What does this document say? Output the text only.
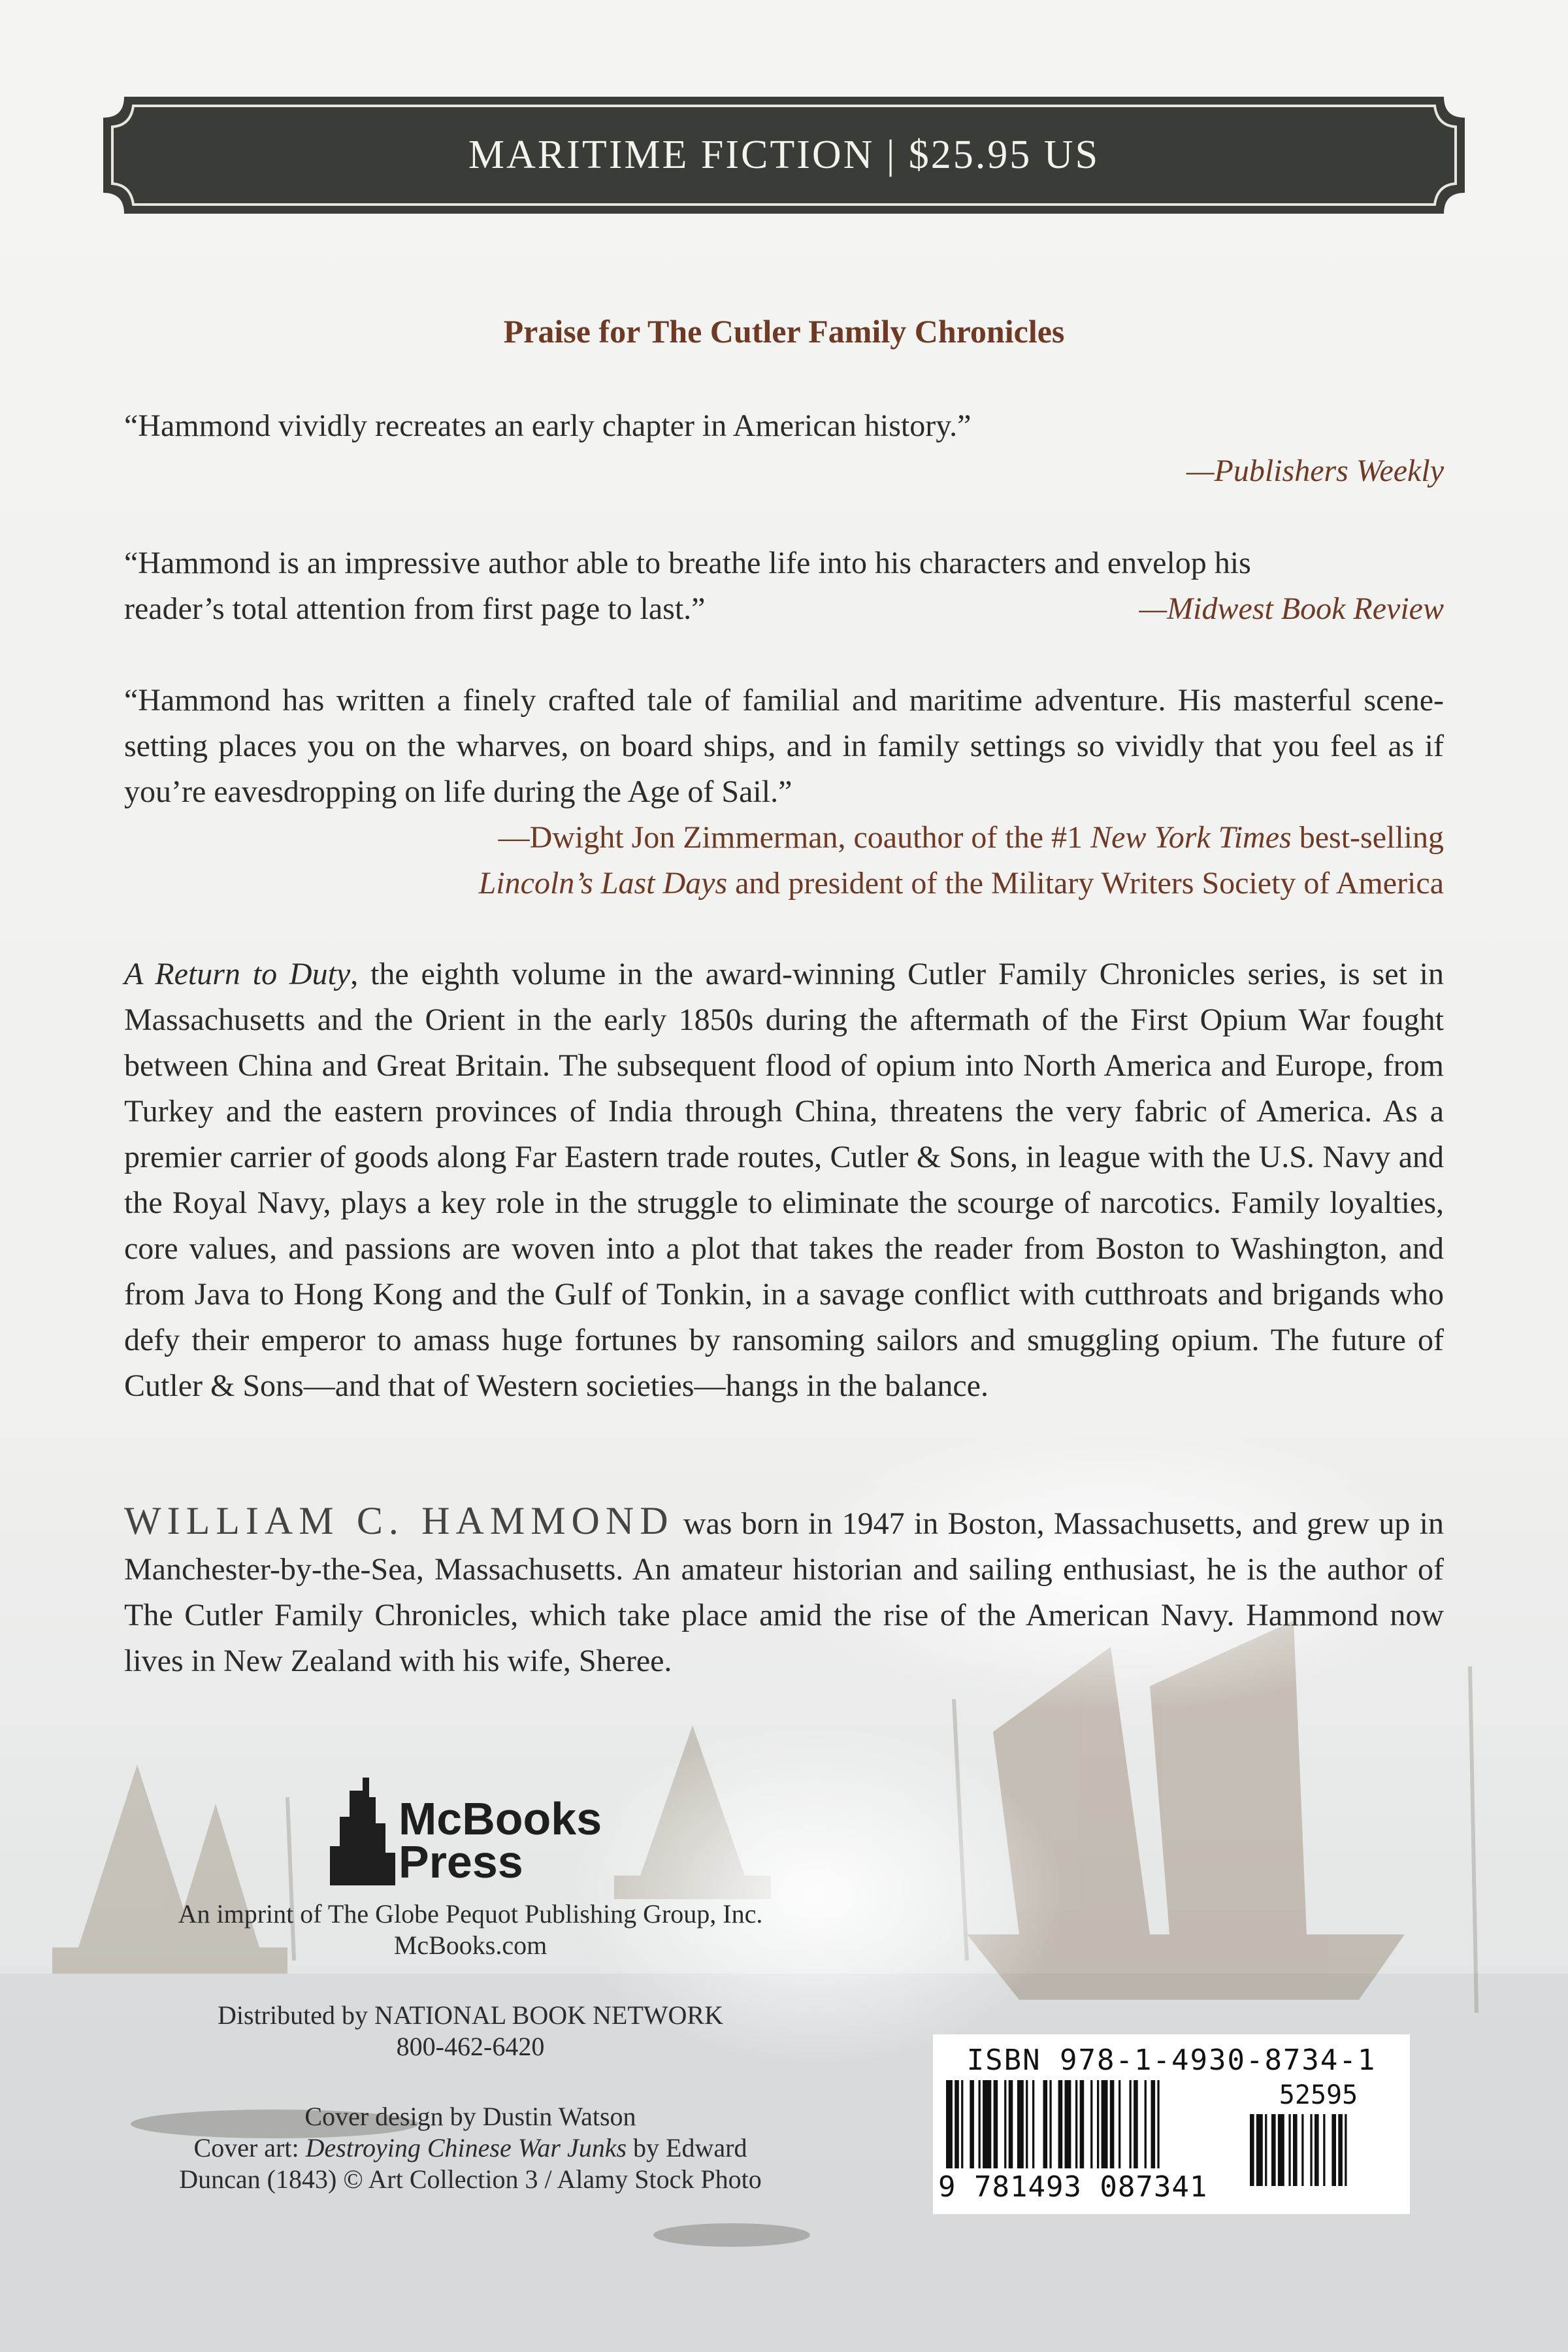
MARITIME FICTION | $25.95 US
Praise for The Cutler Family Chronicles
“Hammond vividly recreates an early chapter in American history.”
—Publishers Weekly
“Hammond is an impressive author able to breathe life into his characters and envelop his
reader’s total attention from first page to last.”	—Midwest Book Review
“Hammond has written a finely crafted tale of familial and maritime adventure. His masterful scene-setting places you on the wharves, on board ships, and in family settings so vividly that you feel as if you’re eavesdropping on life during the Age of Sail.”
—Dwight Jon Zimmerman, coauthor of the #1 New York Times best-selling
Lincoln’s Last Days and president of the Military Writers Society of America
A Return to Duty, the eighth volume in the award-winning Cutler Family Chronicles series, is set in Massachusetts and the Orient in the early 1850s during the aftermath of the First Opium War fought between China and Great Britain. The subsequent flood of opium into North America and Europe, from Turkey and the eastern provinces of India through China, threatens the very fabric of America. As a premier carrier of goods along Far Eastern trade routes, Cutler & Sons, in league with the U.S. Navy and the Royal Navy, plays a key role in the struggle to eliminate the scourge of narcotics. Family loyalties, core values, and passions are woven into a plot that takes the reader from Boston to Washington, and from Java to Hong Kong and the Gulf of Tonkin, in a savage conflict with cutthroats and brigands who defy their emperor to amass huge fortunes by ransoming sailors and smuggling opium. The future of Cutler & Sons—and that of Western societies—hangs in the balance.
WILLIAM C. HAMMOND was born in 1947 in Boston, Massachusetts, and grew up in Manchester-by-the-Sea, Massachusetts. An amateur historian and sailing enthusiast, he is the author of The Cutler Family Chronicles, which take place amid the rise of the American Navy. Hammond now lives in New Zealand with his wife, Sheree.
McBooks
Press
An imprint of The Globe Pequot Publishing Group, Inc.
McBooks.com
Distributed by NATIONAL BOOK NETWORK
800-462-6420
Cover design by Dustin Watson
Cover art: Destroying Chinese War Junks by Edward
Duncan (1843) © Art Collection 3 / Alamy Stock Photo
ISBN 978-1-4930-8734-1
52595
9 781493 087341
